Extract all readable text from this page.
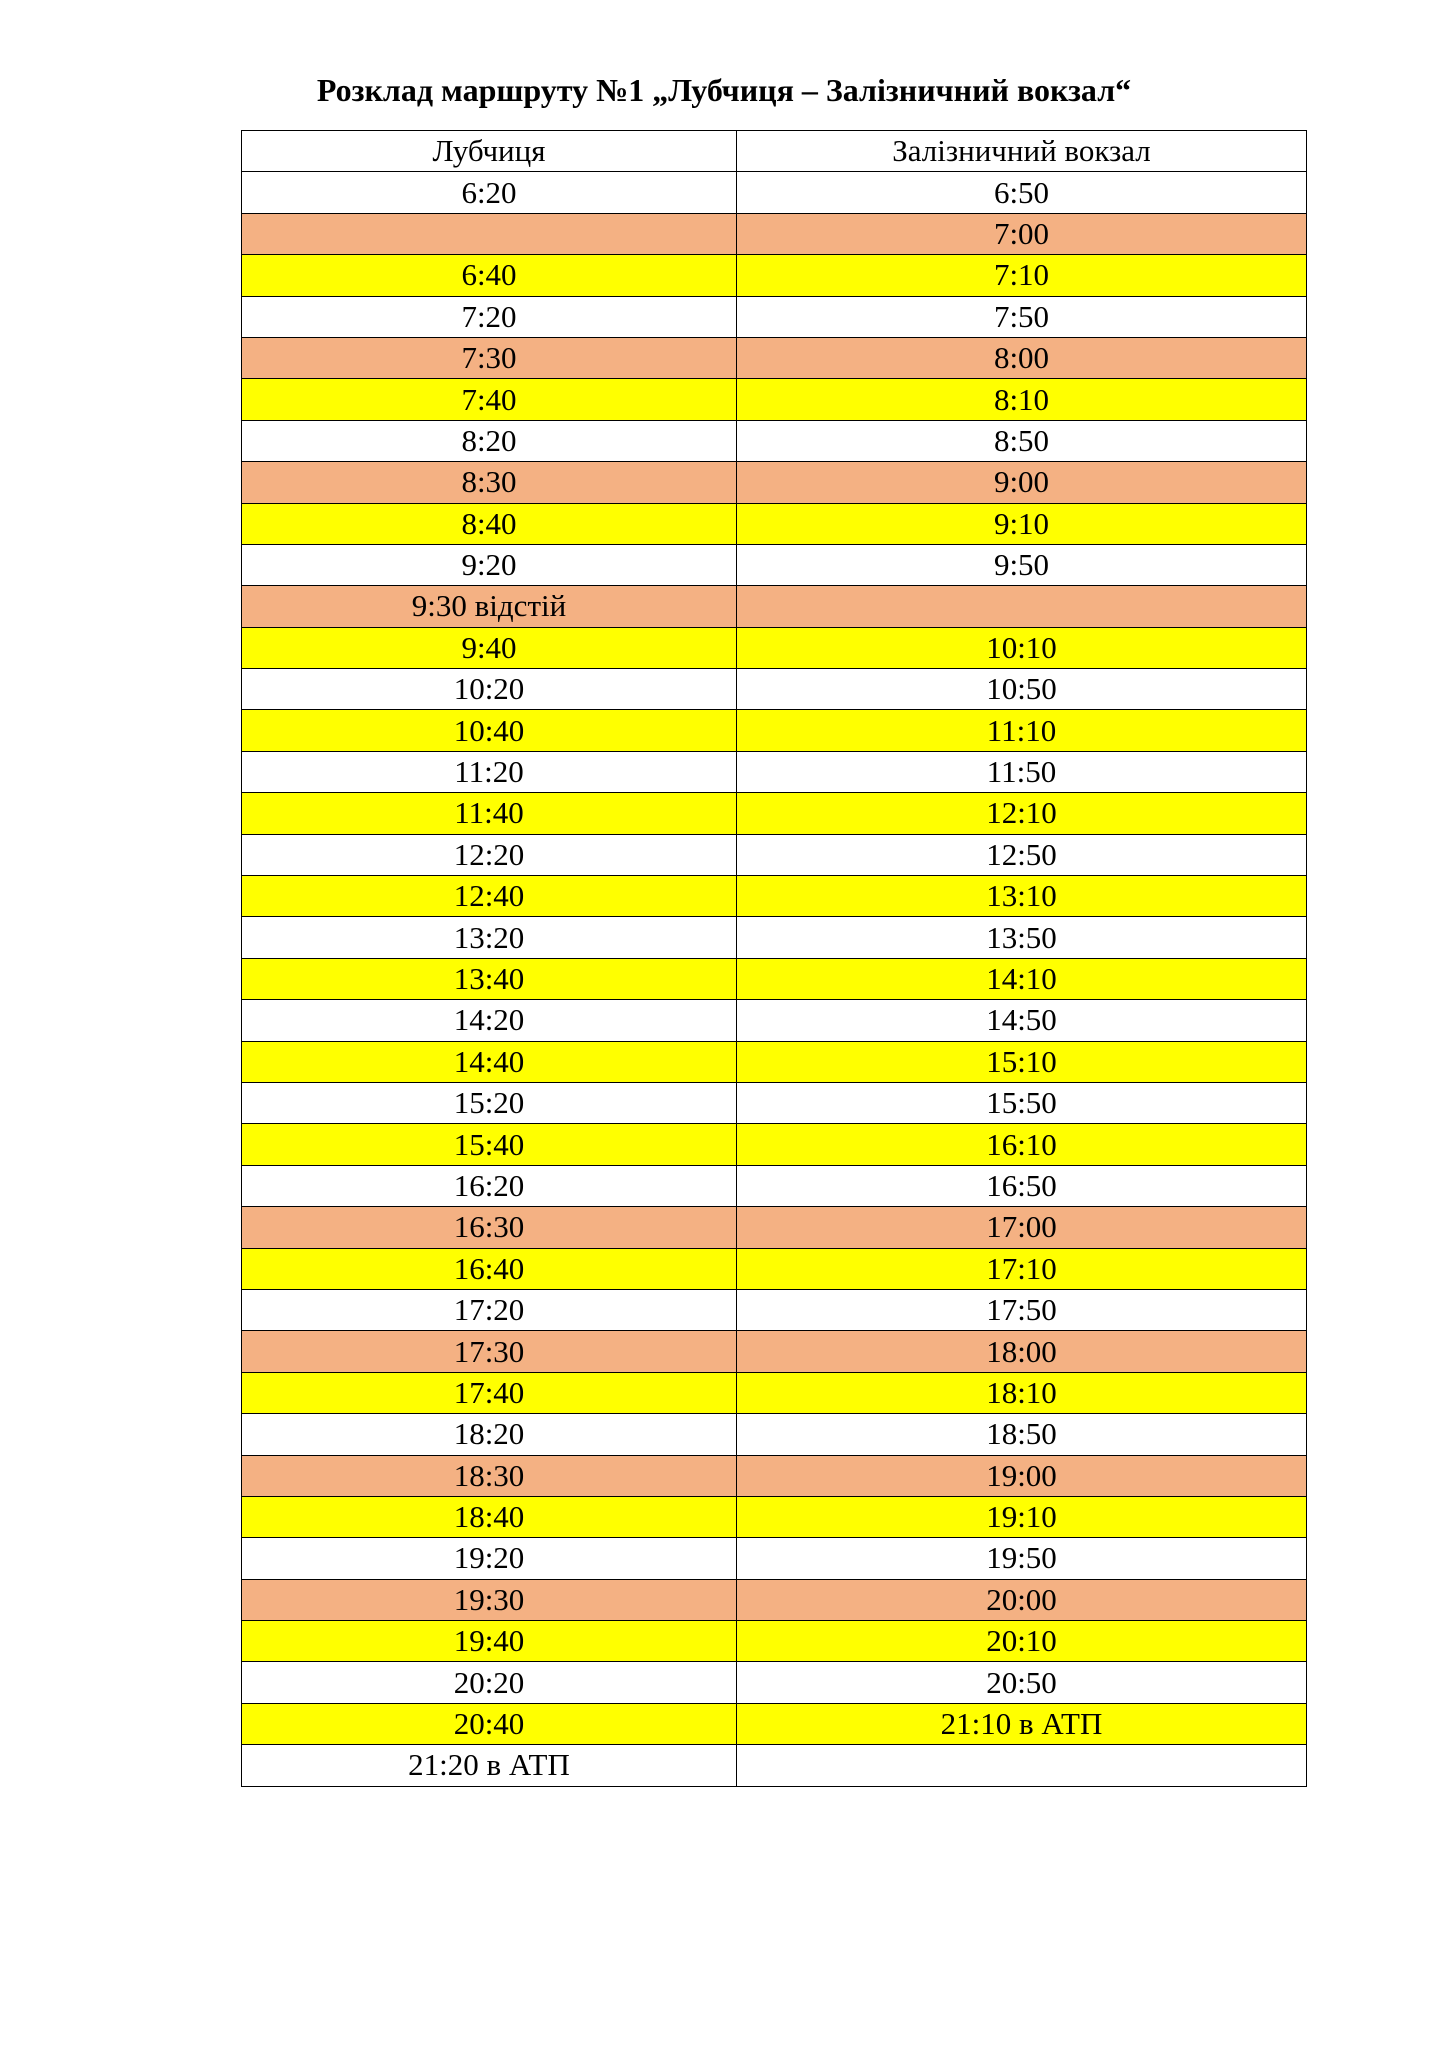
Розклад маршруту №1 „Лубчиця – Залізничний вокзал“
Лубчиця	Залізничний вокзал
6:20	6:50
	7:00
6:40	7:10
7:20	7:50
7:30	8:00
7:40	8:10
8:20	8:50
8:30	9:00
8:40	9:10
9:20	9:50
9:30 відстій	
9:40	10:10
10:20	10:50
10:40	11:10
11:20	11:50
11:40	12:10
12:20	12:50
12:40	13:10
13:20	13:50
13:40	14:10
14:20	14:50
14:40	15:10
15:20	15:50
15:40	16:10
16:20	16:50
16:30	17:00
16:40	17:10
17:20	17:50
17:30	18:00
17:40	18:10
18:20	18:50
18:30	19:00
18:40	19:10
19:20	19:50
19:30	20:00
19:40	20:10
20:20	20:50
20:40	21:10 в АТП
21:20 в АТП	
